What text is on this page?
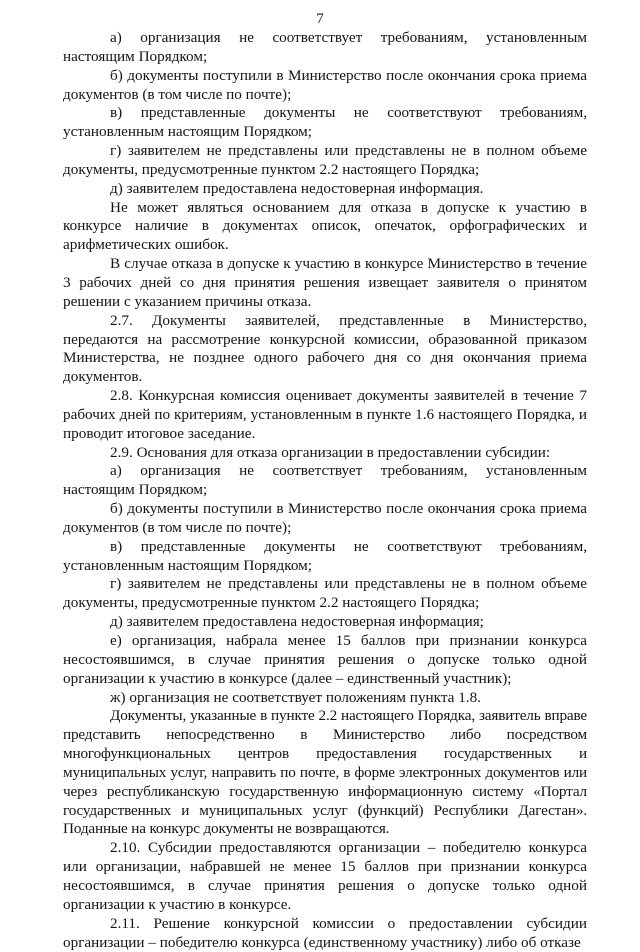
7

а) организация не соответствует требованиям, установленным настоящим Порядком;

б) документы поступили в Министерство после окончания срока приема документов (в том числе по почте);

в) представленные документы не соответствуют требованиям, установленным настоящим Порядком;

г) заявителем не представлены или представлены не в полном объеме документы, предусмотренные пунктом 2.2 настоящего Порядка;

д) заявителем предоставлена недостоверная информация.

Не может являться основанием для отказа в допуске к участию в конкурсе наличие в документах описок, опечаток, орфографических и арифметических ошибок.

В случае отказа в допуске к участию в конкурсе Министерство в течение 3 рабочих дней со дня принятия решения извещает заявителя о принятом решении с указанием причины отказа.

2.7. Документы заявителей, представленные в Министерство, передаются на рассмотрение конкурсной комиссии, образованной приказом Министерства, не позднее одного рабочего дня со дня окончания приема документов.

2.8. Конкурсная комиссия оценивает документы заявителей в течение 7 рабочих дней по критериям, установленным в пункте 1.6 настоящего Порядка, и проводит итоговое заседание.

2.9. Основания для отказа организации в предоставлении субсидии:

а) организация не соответствует требованиям, установленным настоящим Порядком;

б) документы поступили в Министерство после окончания срока приема документов (в том числе по почте);

в) представленные документы не соответствуют требованиям, установленным настоящим Порядком;

г) заявителем не представлены или представлены не в полном объеме документы, предусмотренные пунктом 2.2 настоящего Порядка;

д) заявителем предоставлена недостоверная информация;

е) организация, набрала менее 15 баллов при признании конкурса несостоявшимся, в случае принятия решения о допуске только одной организации к участию в конкурсе (далее – единственный участник);

ж) организация не соответствует положениям пункта 1.8.

Документы, указанные в пункте 2.2 настоящего Порядка, заявитель вправе представить непосредственно в Министерство либо посредством многофункциональных центров предоставления государственных и муниципальных услуг, направить по почте, в форме электронных документов или через республиканскую государственную информационную систему «Портал государственных и муниципальных услуг (функций) Республики Дагестан». Поданные на конкурс документы не возвращаются.

2.10. Субсидии предоставляются организации – победителю конкурса или организации, набравшей не менее 15 баллов при признании конкурса несостоявшимся, в случае принятия решения о допуске только одной организации к участию в конкурсе.

2.11. Решение конкурсной комиссии о предоставлении субсидии организации – победителю конкурса (единственному участнику) либо об отказе
